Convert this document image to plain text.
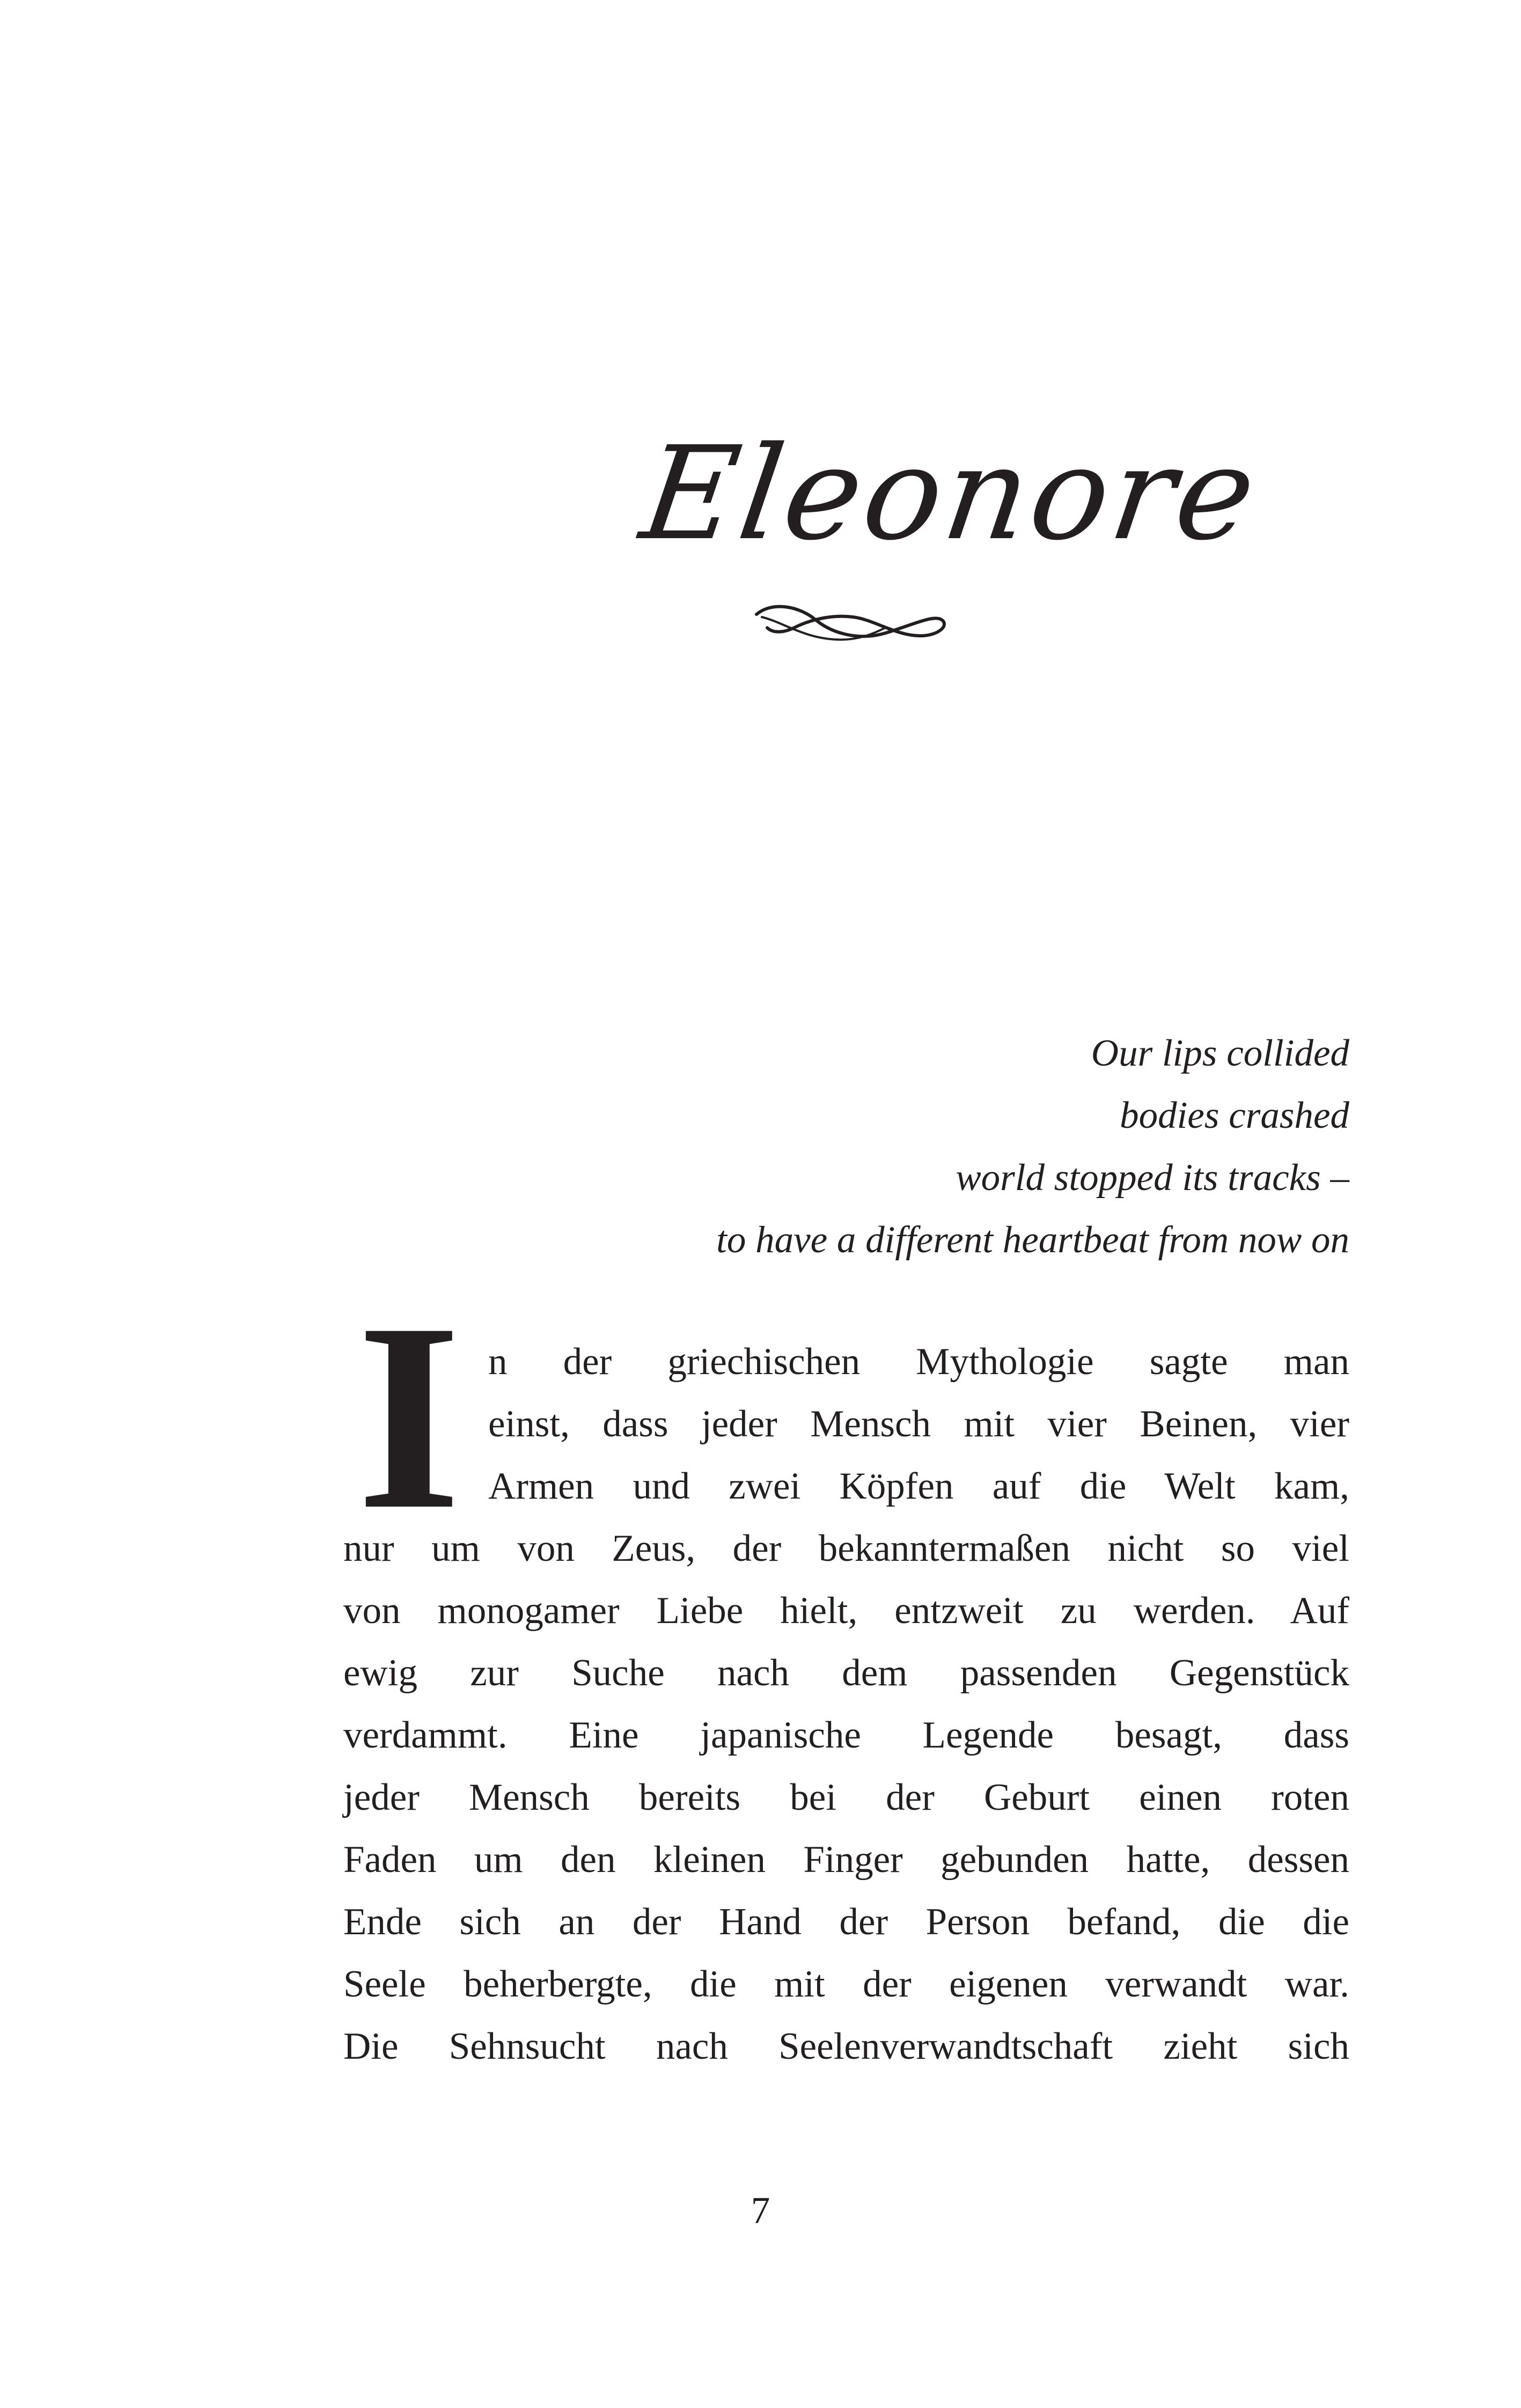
Eleonore
Our lips collided
bodies crashed
world stopped its tracks –
to have a different heartbeat from now on
I n der griechischen Mythologie sagte man
einst, dass jeder Mensch mit vier Beinen, vier
Armen und zwei Köpfen auf die Welt kam,
nur um von Zeus, der bekanntermaßen nicht so viel
von monogamer Liebe hielt, entzweit zu werden. Auf
ewig zur Suche nach dem passenden Gegenstück
verdammt. Eine japanische Legende besagt, dass
jeder Mensch bereits bei der Geburt einen roten
Faden um den kleinen Finger gebunden hatte, dessen
Ende sich an der Hand der Person befand, die die
Seele beherbergte, die mit der eigenen verwandt war.
Die Sehnsucht nach Seelenverwandtschaft zieht sich
7
